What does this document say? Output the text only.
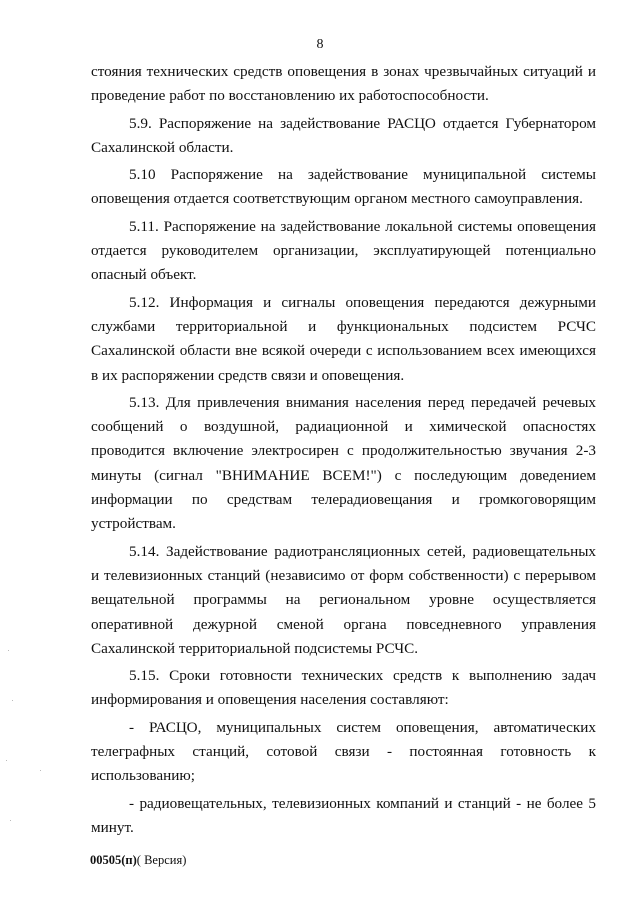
8

стояния технических средств оповещения в зонах чрезвычайных ситуаций и проведение работ по восстановлению их работоспособности.

5.9. Распоряжение на задействование РАСЦО отдается Губернатором Сахалинской области.

5.10 Распоряжение на задействование муниципальной системы оповещения отдается соответствующим органом местного самоуправления.

5.11. Распоряжение на задействование локальной системы оповещения отдается руководителем организации, эксплуатирующей потенциально опасный объект.

5.12. Информация и сигналы оповещения передаются дежурными службами территориальной и функциональных подсистем РСЧС Сахалинской области вне всякой очереди с использованием всех имеющихся в их распоряжении средств связи и оповещения.

5.13. Для привлечения внимания населения перед передачей речевых сообщений о воздушной, радиационной и химической опасностях проводится включение электросирен с продолжительностью звучания 2-3 минуты (сигнал "ВНИМАНИЕ ВСЕМ!") с последующим доведением информации по средствам телерадиовещания и громкоговорящим устройствам.

5.14. Задействование радиотрансляционных сетей, радиовещательных и телевизионных станций (независимо от форм собственности) с перерывом вещательной программы на региональном уровне осуществляется оперативной дежурной сменой органа повседневного управления Сахалинской территориальной подсистемы РСЧС.

5.15. Сроки готовности технических средств к выполнению задач информирования и оповещения населения составляют:

- РАСЦО, муниципальных систем оповещения, автоматических телеграфных станций, сотовой связи - постоянная готовность к использованию;

- радиовещательных, телевизионных компаний и станций - не более 5 минут.

00505(п)( Версия)
